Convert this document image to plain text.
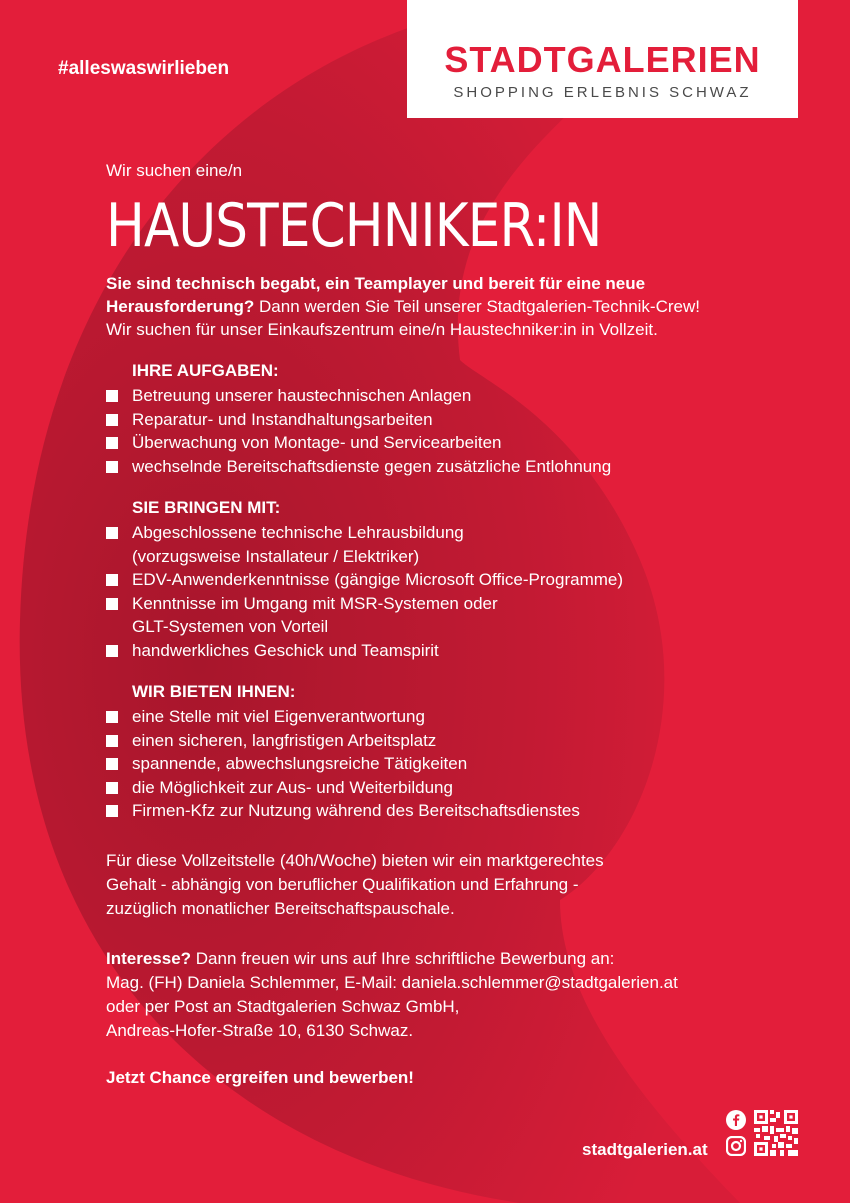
#alleswaswirlieben	STADTGALERIEN
SHOPPING ERLEBNIS SCHWAZ
Wir suchen eine/n
HAUSTECHNIKER:IN
Sie sind technisch begabt, ein Teamplayer und bereit für eine neue Herausforderung? Dann werden Sie Teil unserer Stadtgalerien-Technik-Crew! Wir suchen für unser Einkaufszentrum eine/n Haustechniker:in in Vollzeit.
IHRE AUFGABEN:
Betreuung unserer haustechnischen Anlagen
Reparatur- und Instandhaltungsarbeiten
Überwachung von Montage- und Servicearbeiten
wechselnde Bereitschaftsdienste gegen zusätzliche Entlohnung
SIE BRINGEN MIT:
Abgeschlossene technische Lehrausbildung
(vorzugsweise Installateur / Elektriker)
EDV-Anwenderkenntnisse (gängige Microsoft Office-Programme)
Kenntnisse im Umgang mit MSR-Systemen oder
GLT-Systemen von Vorteil
handwerkliches Geschick und Teamspirit
WIR BIETEN IHNEN:
eine Stelle mit viel Eigenverantwortung
einen sicheren, langfristigen Arbeitsplatz
spannende, abwechslungsreiche Tätigkeiten
die Möglichkeit zur Aus- und Weiterbildung
Firmen-Kfz zur Nutzung während des Bereitschaftsdienstes
Für diese Vollzeitstelle (40h/Woche) bieten wir ein marktgerechtes
Gehalt - abhängig von beruflicher Qualifikation und Erfahrung -
zuzüglich monatlicher Bereitschaftspauschale.
Interesse? Dann freuen wir uns auf Ihre schriftliche Bewerbung an:
Mag. (FH) Daniela Schlemmer, E-Mail: daniela.schlemmer@stadtgalerien.at
oder per Post an Stadtgalerien Schwaz GmbH,
Andreas-Hofer-Straße 10, 6130 Schwaz.
Jetzt Chance ergreifen und bewerben!
stadtgalerien.at
